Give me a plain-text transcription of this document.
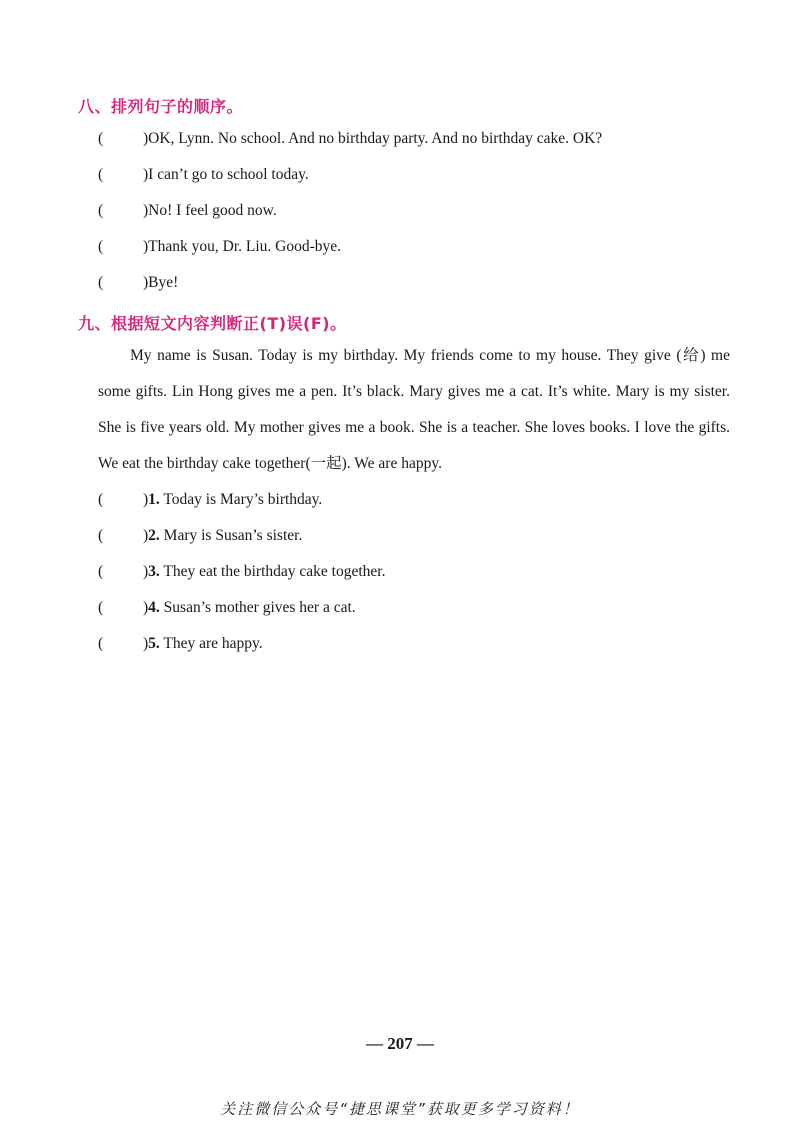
八、排列句子的顺序。
(	)OK, Lynn. No school. And no birthday party. And no birthday cake. OK?
(	)I can’t go to school today.
(	)No! I feel good now.
(	)Thank you, Dr. Liu. Good-bye.
(	)Bye!
九、根据短文内容判断正(T)误(F)。
My name is Susan. Today is my birthday. My friends come to my house. They give (给) me some gifts. Lin Hong gives me a pen. It’s black. Mary gives me a cat. It’s white. Mary is my sister. She is five years old. My mother gives me a book. She is a teacher. She loves books. I love the gifts. We eat the birthday cake together(一起). We are happy.
(	)1. Today is Mary’s birthday.
(	)2. Mary is Susan’s sister.
(	)3. They eat the birthday cake together.
(	)4. Susan’s mother gives her a cat.
(	)5. They are happy.
— 207 —
关注微信公众号“捷思课堂”获取更多学习资料！
